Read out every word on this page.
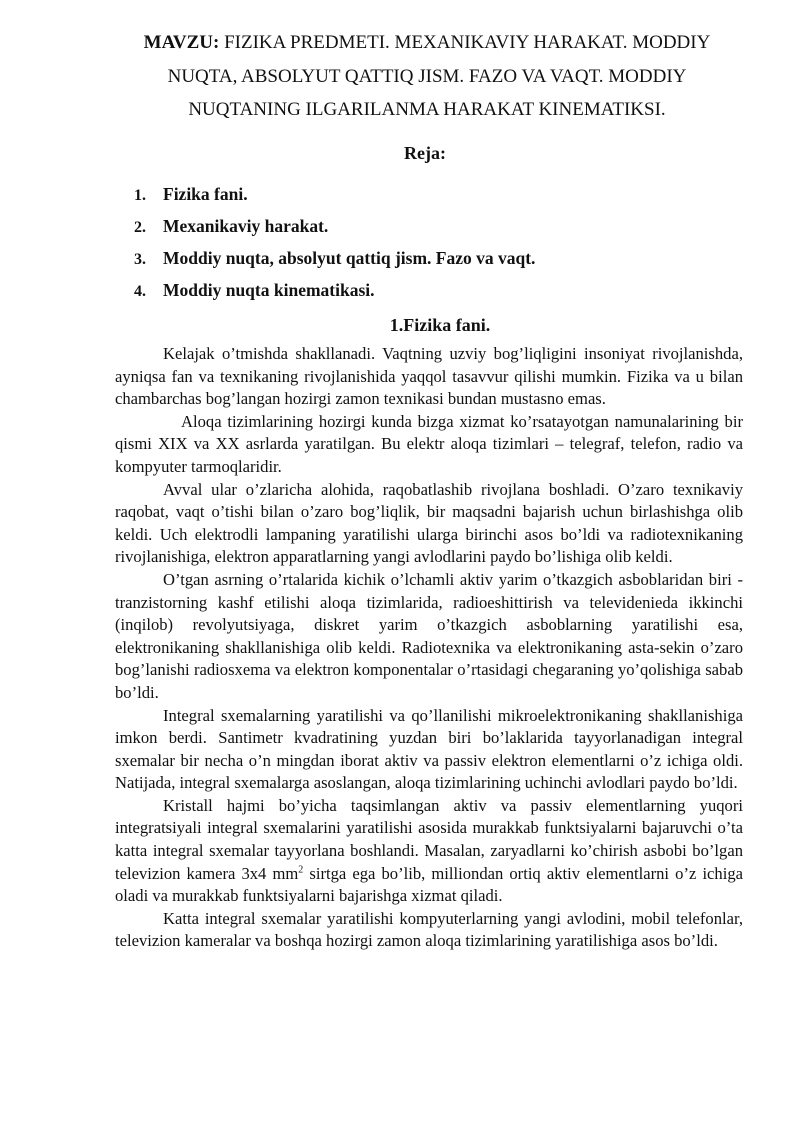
MAVZU: FIZIKA PREDMETI. MEXANIKAVIY HARAKAT. MODDIY NUQTA, ABSOLYUT QATTIQ JISM. FAZO VA VAQT. MODDIY NUQTANING ILGARILANMA HARAKAT KINEMATIKSI.
Reja:
1. Fizika fani.
2. Mexanikaviy harakat.
3. Moddiy nuqta, absolyut qattiq jism. Fazo va vaqt.
4. Moddiy nuqta kinematikasi.
1.Fizika fani.

Kelajak o’tmishda shakllanadi. Vaqtning uzviy bog’liqligini insoniyat rivojlanishda, ayniqsa fan va texnikaning rivojlanishida yaqqol tasavvur qilishi mumkin. Fizika va u bilan chambarchas bog’langan hozirgi zamon texnikasi bundan mustasno emas.

Aloqa tizimlarining hozirgi kunda bizga xizmat ko’rsatayotgan namunalarining bir qismi XIX va XX asrlarda yaratilgan. Bu elektr aloqa tizimlari – telegraf, telefon, radio va kompyuter tarmoqlaridir.

Avval ular o’zlaricha alohida, raqobatlashib rivojlana boshladi. O’zaro texnikaviy raqobat, vaqt o’tishi bilan o’zaro bog’liqlik, bir maqsadni bajarish uchun birlashishga olib keldi. Uch elektrodli lampaning yaratilishi ularga birinchi asos bo’ldi va radiotexnikaning rivojlanishiga, elektron apparatlarning yangi avlodlarini paydo bo’lishiga olib keldi.

O’tgan asrning o’rtalarida kichik o’lchamli aktiv yarim o’tkazgich asboblaridan biri - tranzistorning kashf etilishi aloqa tizimlarida, radioeshittirish va televidenieda ikkinchi (inqilob) revolyutsiyaga, diskret yarim o’tkazgich asboblarning yaratilishi esa, elektronikaning shakllanishiga olib keldi. Radiotexnika va elektronikaning asta-sekin o’zaro bog’lanishi radiosxema va elektron komponentalar o’rtasidagi chegaraning yo’qolishiga sabab bo’ldi.

Integral sxemalarning yaratilishi va qo’llanilishi mikroelektronikaning shakllanishiga imkon berdi. Santimetr kvadratining yuzdan biri bo’laklarida tayyorlanadigan integral sxemalar bir necha o’n mingdan iborat aktiv va passiv elektron elementlarni o’z ichiga oldi. Natijada, integral sxemalarga asoslangan, aloqa tizimlarining uchinchi avlodlari paydo bo’ldi.

Kristall hajmi bo’yicha taqsimlangan aktiv va passiv elementlarning yuqori integratsiyali integral sxemalarini yaratilishi asosida murakkab funktsiyalarni bajaruvchi o’ta katta integral sxemalar tayyorlana boshlandi. Masalan, zaryadlarni ko’chirish asbobi bo’lgan televizion kamera 3x4 $mm^2$ sirtga ega bo’lib, milliondan ortiq aktiv elementlarni o’z ichiga oladi va murakkab funktsiyalarni bajarishga xizmat qiladi.

Katta integral sxemalar yaratilishi kompyuterlarning yangi avlodini, mobil telefonlar, televizion kameralar va boshqa hozirgi zamon aloqa tizimlarining yaratilishiga asos bo’ldi.
